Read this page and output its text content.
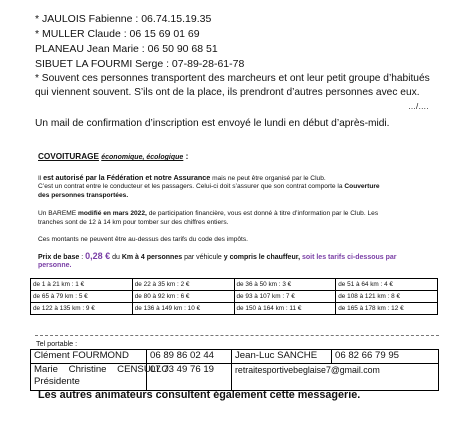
* JAULOIS Fabienne : 06.74.15.19.35
* MULLER Claude : 06 15 69 01 69
PLANEAU Jean Marie : 06 50 90 68 51
SIBUET LA FOURMI Serge : 07-89-28-61-78
* Souvent ces personnes transportent des marcheurs et ont leur petit groupe d’habitués
qui viennent souvent. S’ils ont de la place, ils prendront d’autres personnes avec eux.
…/….
Un mail de confirmation d’inscription est envoyé le lundi en début d’après-midi.
COVOITURAGE économique, écologique :
Il est autorisé par la Fédération et notre Assurance mais ne peut être organisé par le Club.
C’est un contrat entre le conducteur et les passagers. Celui-ci doit s’assurer que son contrat comporte la Couverture
des personnes transportées.
Un BAREME modifié en mars 2022, de participation financière, vous est donné à titre d’information par le Club. Les
tranches sont de 12 à 14 km pour tomber sur des chiffres entiers.
Ces montants ne peuvent être au-dessus des tarifs du code des impôts.
Prix de base : 0,28 € du Km à 4 personnes par véhicule y compris le chauffeur, soit les tarifs ci-dessous par
personne.
de 1 à 21 km : 1 €	de 22 à 35 km : 2 €	de 36 à 50 km : 3 €	de 51 à 64 km : 4 €
de 65 à 79 km : 5 €	de 80 à 92 km : 6 €	de 93 à 107 km : 7 €	de 108 à 121 km : 8 €
de 122 à 135 km : 9 €	de 136 à 149 km : 10 €	de 150 à 164 km : 11 €	de 165 à 178 km : 12 €
Tel portable :
Clément FOURMOND	06 89 86 02 44	Jean-Luc SANCHE	06 82 66 79 95

Marie    Christine    CENSULLO
Présidente	07 73 49 76 19	retraitesportivebeglaise7@gmail.com	
Les autres animateurs consultent également cette messagerie.
